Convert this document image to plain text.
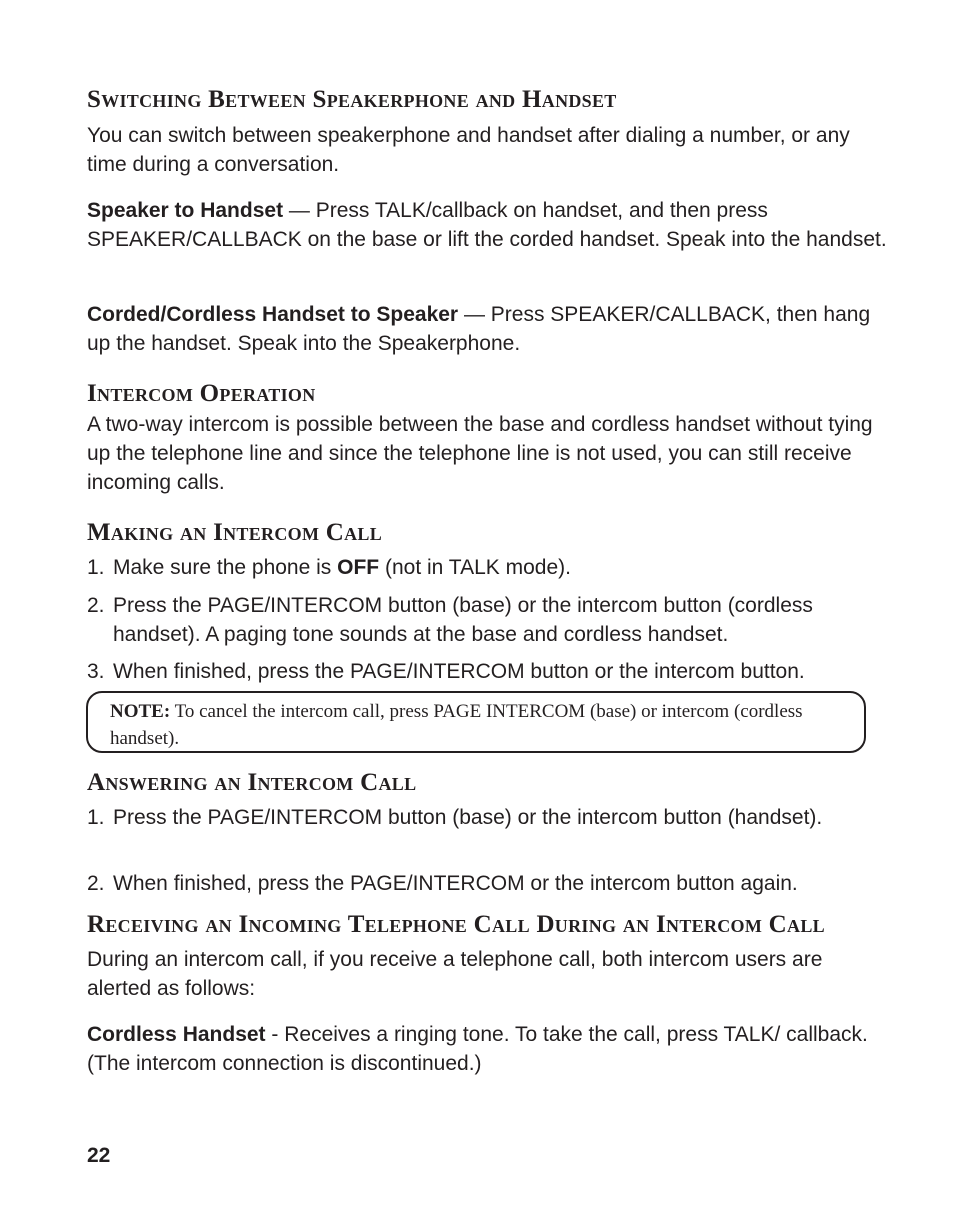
Switching Between Speakerphone and Handset

You can switch between speakerphone and handset after dialing a number, or any time during a conversation.

Speaker to Handset — Press TALK/callback on handset, and then press SPEAKER/CALLBACK on the base or lift the corded handset. Speak into the handset.

Corded/Cordless Handset to Speaker — Press SPEAKER/CALLBACK, then hang up the handset. Speak into the Speakerphone.

Intercom Operation

A two-way intercom is possible between the base and cordless handset without tying up the telephone line and since the telephone line is not used, you can still receive incoming calls.

Making an Intercom Call
1. Make sure the phone is OFF (not in TALK mode).
2. Press the PAGE/INTERCOM button (base) or the intercom button (cordless handset). A paging tone sounds at the base and cordless handset.
3. When finished, press the PAGE/INTERCOM button or the intercom button.

NOTE: To cancel the intercom call, press PAGE INTERCOM (base) or intercom (cordless handset).

Answering an Intercom Call
1. Press the PAGE/INTERCOM button (base) or the intercom button (handset).
2. When finished, press the PAGE/INTERCOM or the intercom button again.
Receiving an Incoming Telephone Call During an Intercom Call

During an intercom call, if you receive a telephone call, both intercom users are alerted as follows:

Cordless Handset - Receives a ringing tone. To take the call, press TALK/ callback. (The intercom connection is discontinued.)

22
